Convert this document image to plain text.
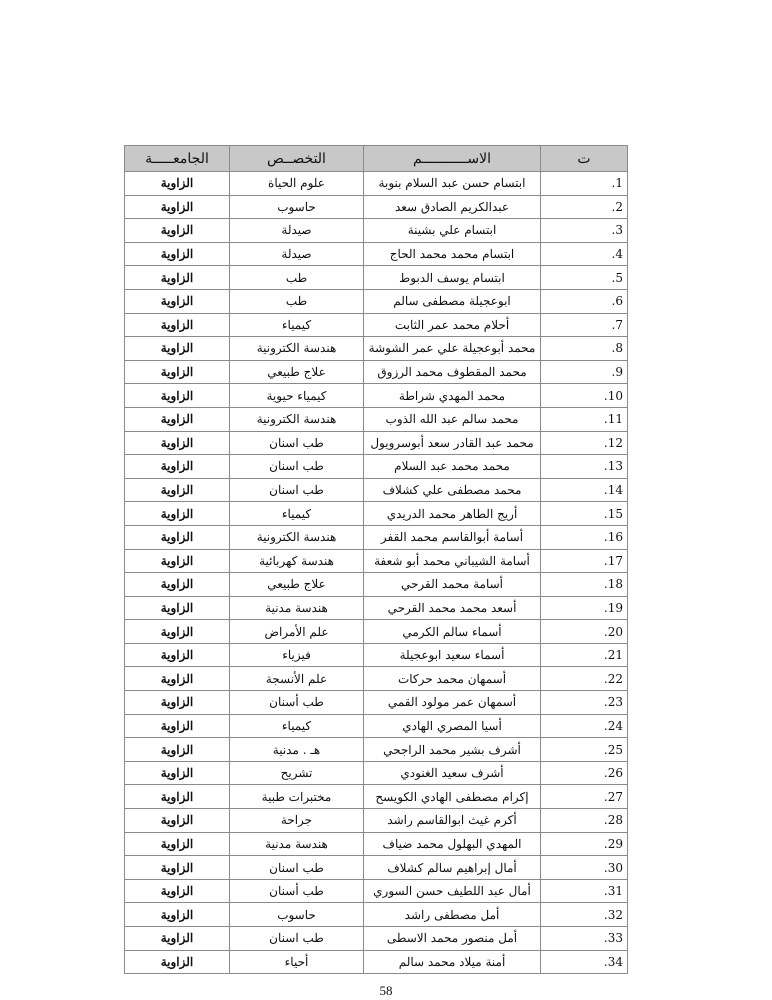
ت	الاســـــــــــم	التخصــص	الجامعـــــة
1.	ابتسام حسن عبد السلام بنوبة	علوم الحياة	الزاوية
2.	عبدالكريم الصادق سعد	حاسوب	الزاوية
3.	ابتسام علي بشينة	صيدلة	الزاوية
4.	ابتسام محمد محمد الحاج	صيدلة	الزاوية
5.	ابتسام يوسف الدبوط	طب	الزاوية
6.	ابوعجيلة مصطفى سالم	طب	الزاوية
7.	أحلام محمد عمر الثابت	كيمياء	الزاوية
8.	محمد أبوعجيلة علي عمر الشوشة	هندسة الكترونية	الزاوية
9.	محمد المقطوف محمد الرزوق	علاج طبيعي	الزاوية
10.	محمد المهدي شراطة	كيمياء حيوية	الزاوية
11.	محمد سالم عبد الله الذوب	هندسة الكترونية	الزاوية
12.	محمد عبد القادر سعد أبوسرويول	طب اسنان	الزاوية
13.	محمد محمد عبد السلام	طب اسنان	الزاوية
14.	محمد مصطفى علي كشلاف	طب اسنان	الزاوية
15.	أريج الطاهر محمد الدريدي	كيمياء	الزاوية
16.	أسامة أبوالقاسم محمد القفر	هندسة الكترونية	الزاوية
17.	أسامة الشيباني محمد أبو شعفة	هندسة كهربائية	الزاوية
18.	أسامة محمد القرحي	علاج طبيعي	الزاوية
19.	أسعد محمد محمد القرحي	هندسة مدنية	الزاوية
20.	أسماء سالم الكرمي	علم الأمراض	الزاوية
21.	أسماء سعيد ابوعجيلة	فيزياء	الزاوية
22.	أسمهان محمد حركات	علم الأنسجة	الزاوية
23.	أسمهان عمر مولود القمي	طب أسنان	الزاوية
24.	أسيا المصري الهادي	كيمياء	الزاوية
25.	أشرف بشير محمد الراجحي	هـ . مدنية	الزاوية
26.	أشرف سعيد الغنودي	تشريح	الزاوية
27.	إكرام مصطفى الهادي الكويسح	مختبرات طبية	الزاوية
28.	أكرم غيث ابوالقاسم راشد	جراحة	الزاوية
29.	المهدي البهلول محمد ضياف	هندسة مدنية	الزاوية
30.	أمال إبراهيم سالم كشلاف	طب اسنان	الزاوية
31.	أمال عبد اللطيف حسن السوري	طب أسنان	الزاوية
32.	أمل مصطفى راشد	حاسوب	الزاوية
33.	أمل منصور محمد الاسطى	طب اسنان	الزاوية
34.	أمنة ميلاد محمد سالم	أحياء	الزاوية
58
